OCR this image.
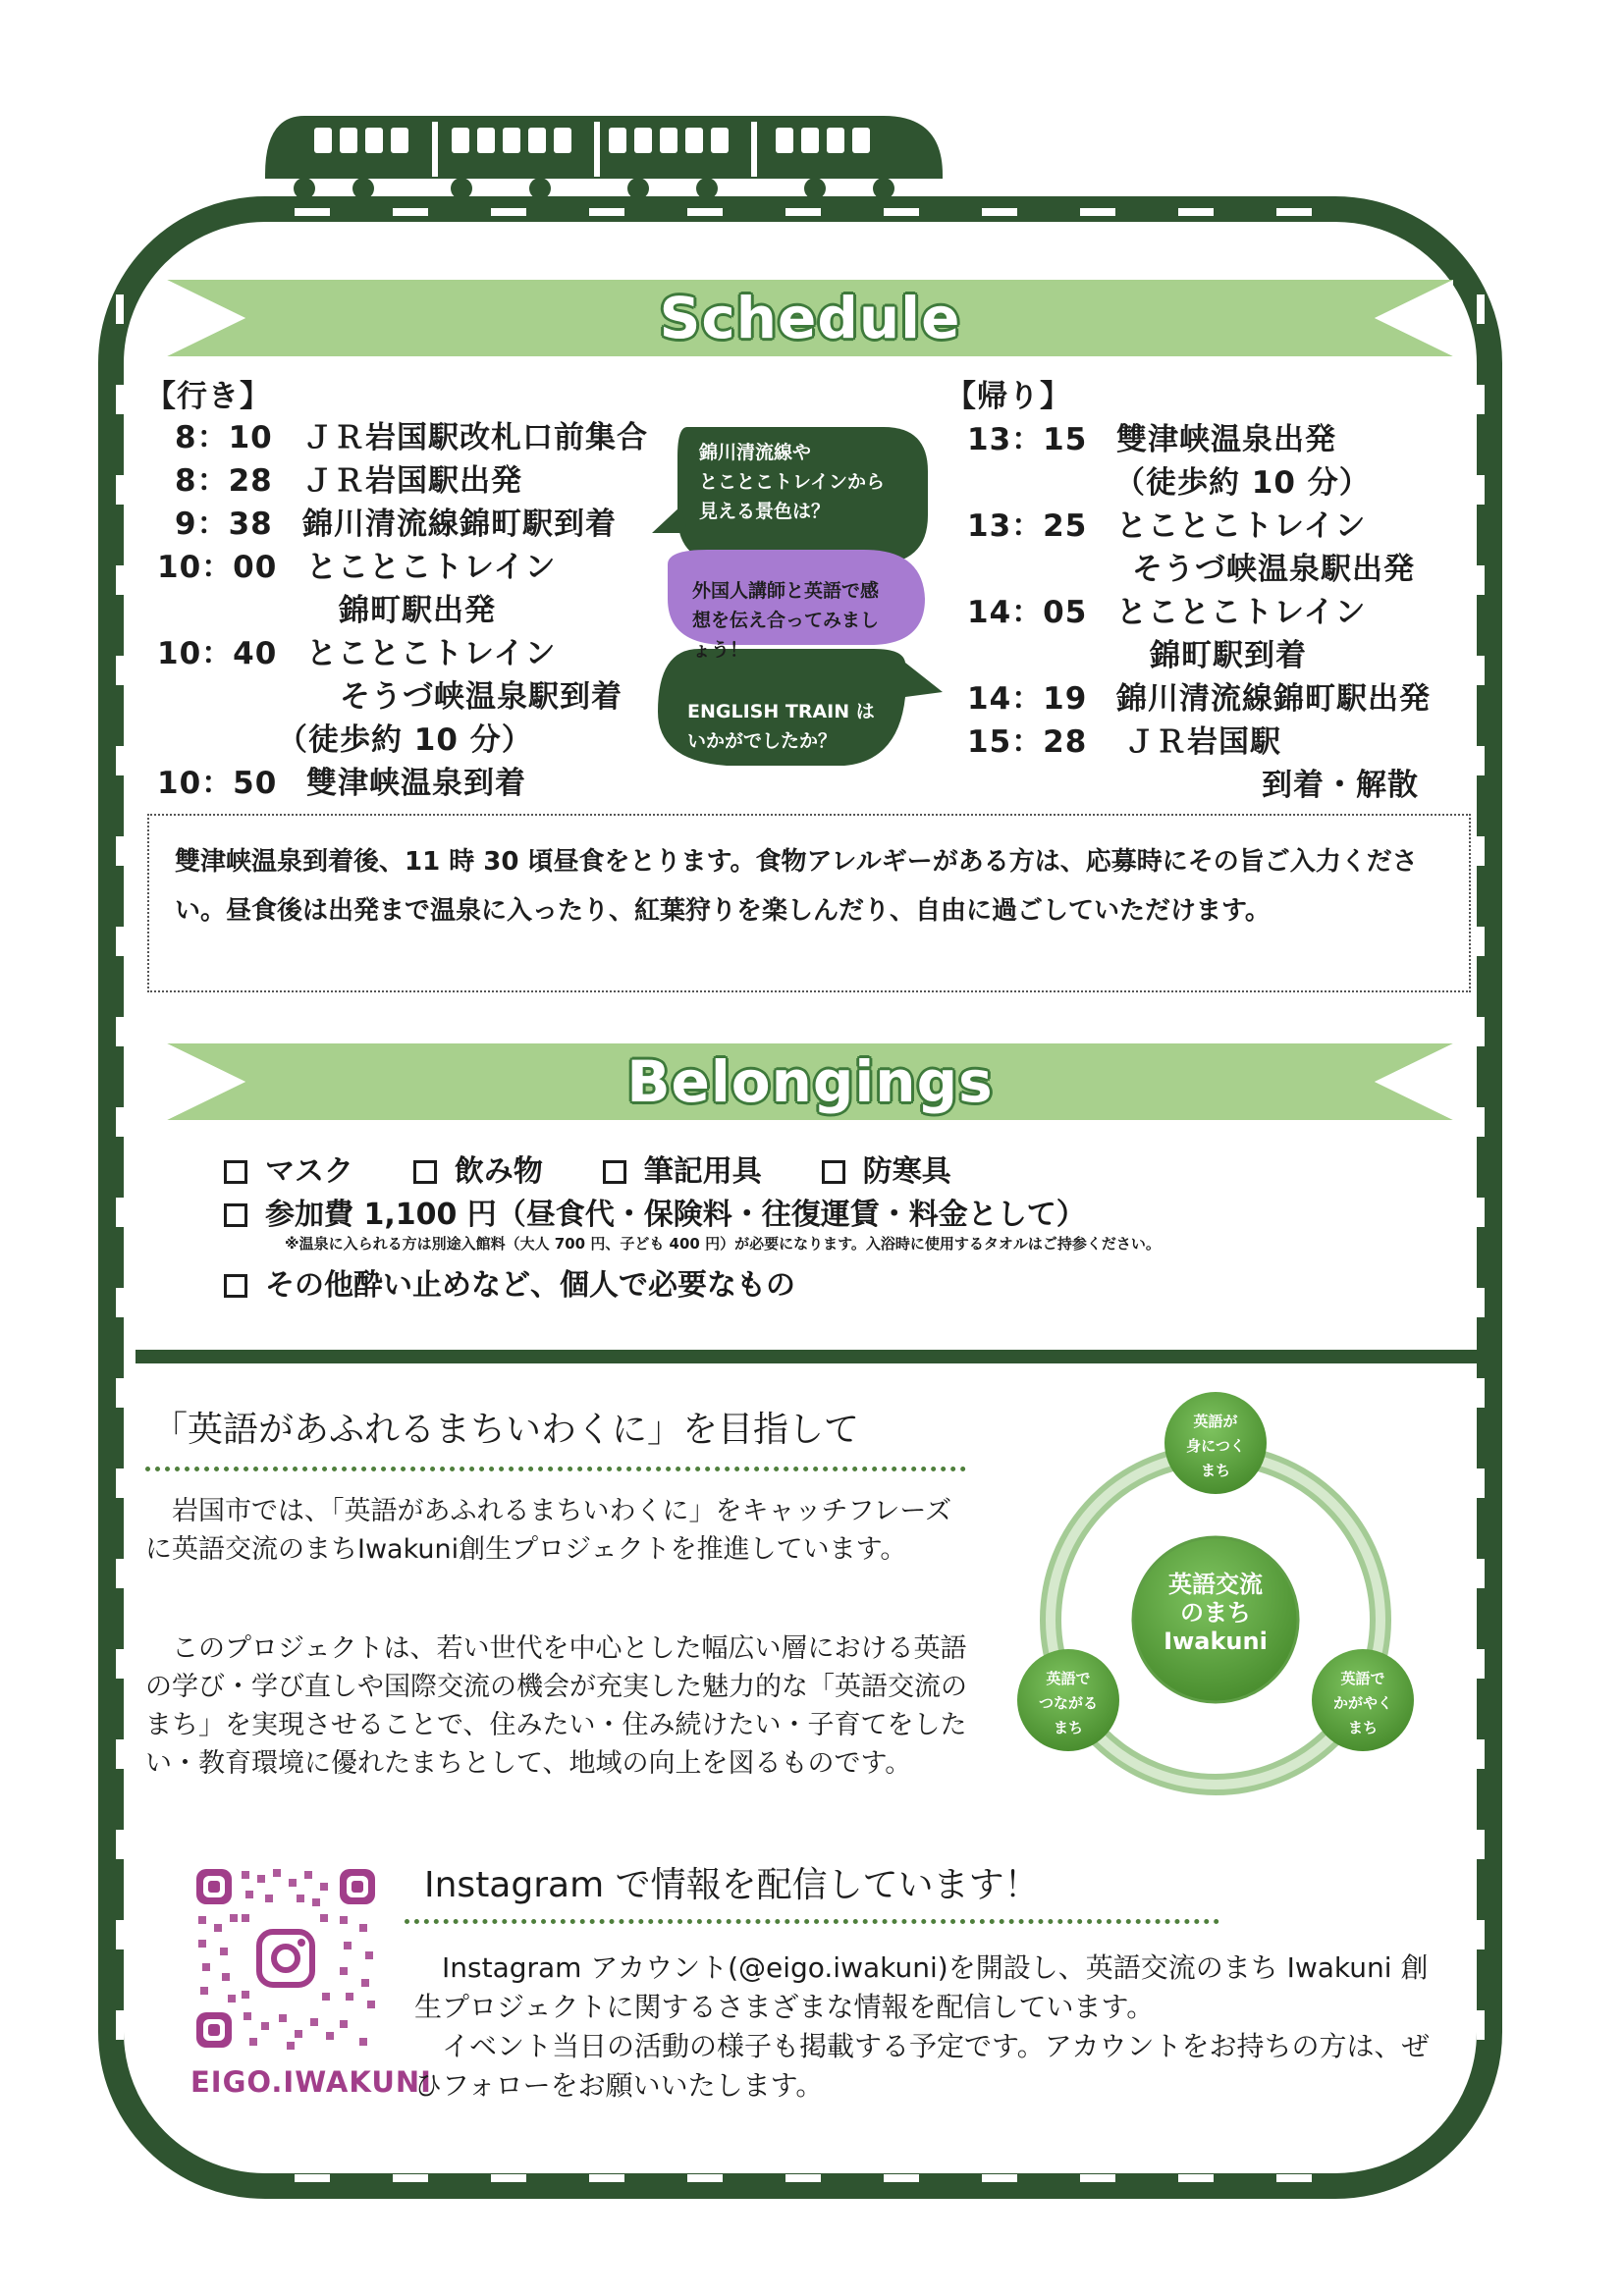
Schedule
【行き】
8：10 ＪＲ岩国駅改札口前集合
8：28 ＪＲ岩国駅出発
9：38 錦川清流線錦町駅到着
10：00 とことこトレイン
錦町駅出発
10：40 とことこトレイン
そうづ峡温泉駅到着
（徒歩約 10 分）
10：50 雙津峡温泉到着
【帰り】
13：15 雙津峡温泉出発
（徒歩約 10 分）
13：25 とことこトレイン
そうづ峡温泉駅出発
14：05 とことこトレイン
錦町駅到着
14：19 錦川清流線錦町駅出発
15：28 ＪＲ岩国駅
到着・解散
錦川清流線や
とことこトレインから
見える景色は？
外国人講師と英語で感
想を伝え合ってみまし
ょう！
ENGLISH TRAIN は
いかがでしたか？
雙津峡温泉到着後、11 時 30 頃昼食をとります。食物アレルギーがある方は、応募時にその旨ご入力ください。昼食後は出発まで温泉に入ったり、紅葉狩りを楽しんだり、自由に過ごしていただけます。
Belongings
マスク	飲み物	筆記用具	防寒具
参加費 1,100 円（昼食代・保険料・往復運賃・料金として）
※温泉に入られる方は別途入館料（大人 700 円、子ども 400 円）が必要になります。入浴時に使用するタオルはご持参ください。
その他酔い止めなど、個人で必要なもの
「英語があふれるまちいわくに」を目指して
岩国市では、「英語があふれるまちいわくに」をキャッチフレーズに英語交流のまちIwakuni創生プロジェクトを推進しています。
このプロジェクトは、若い世代を中心とした幅広い層における英語の学び・学び直しや国際交流の機会が充実した魅力的な「英語交流のまち」を実現させることで、住みたい・住み続けたい・子育てをしたい・教育環境に優れたまちとして、地域の向上を図るものです。
英語交流
のまち
Iwakuni
英語が
身につく
まち
英語で
つながる
まち
英語で
かがやく
まち
EIGO.IWAKUNI
Instagram で情報を配信しています！
Instagram アカウント(@eigo.iwakuni)を開設し、英語交流のまち Iwakuni 創生プロジェクトに関するさまざまな情報を配信しています。
イベント当日の活動の様子も掲載する予定です。アカウントをお持ちの方は、ぜひフォローをお願いいたします。
